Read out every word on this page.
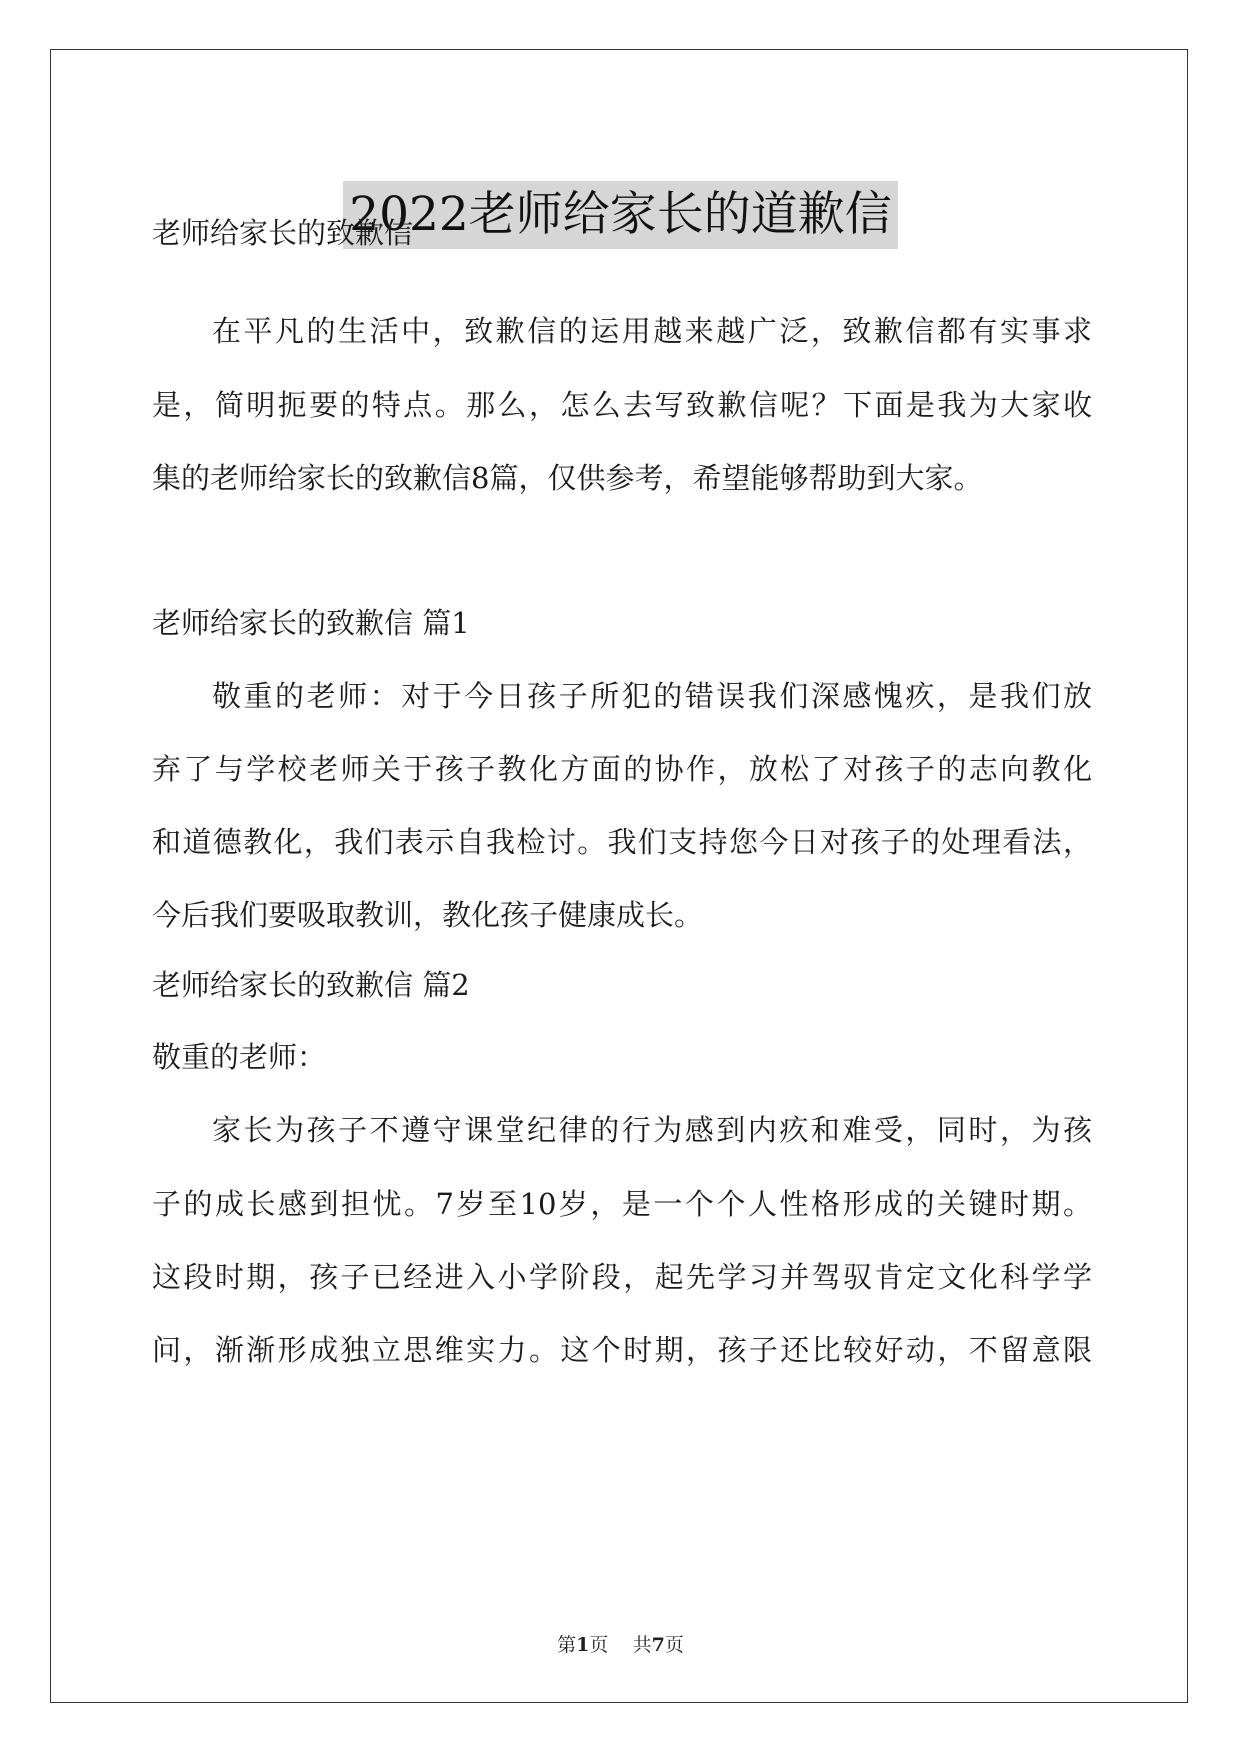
2022老师给家长的道歉信
老师给家长的致歉信
在平凡的生活中，致歉信的运用越来越广泛，致歉信都有实事求
是，简明扼要的特点。那么，怎么去写致歉信呢？下面是我为大家收
集的老师给家长的致歉信8篇，仅供参考，希望能够帮助到大家。
老师给家长的致歉信 篇1
敬重的老师：对于今日孩子所犯的错误我们深感愧疚，是我们放
弃了与学校老师关于孩子教化方面的协作，放松了对孩子的志向教化
和道德教化，我们表示自我检讨。我们支持您今日对孩子的处理看法，
今后我们要吸取教训，教化孩子健康成长。
老师给家长的致歉信 篇2
敬重的老师：
家长为孩子不遵守课堂纪律的行为感到内疚和难受，同时，为孩
子的成长感到担忧。7岁至10岁，是一个个人性格形成的关键时期。
这段时期，孩子已经进入小学阶段，起先学习并驾驭肯定文化科学学
问，渐渐形成独立思维实力。这个时期，孩子还比较好动，不留意限
第1页    共7页
